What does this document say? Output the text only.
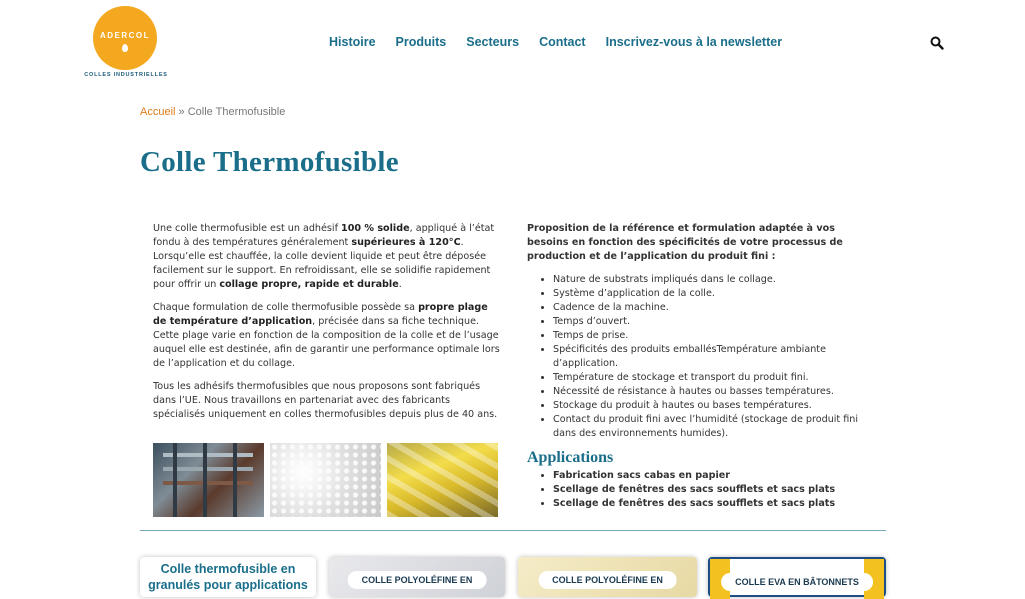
ADERCOL
COLLES INDUSTRIELLES
Histoire Produits Secteurs Contact Inscrivez-vous à la newsletter
Accueil » Colle Thermofusible
Colle Thermofusible

Une colle thermofusible est un adhésif 100 % solide, appliqué à l’état fondu à des températures généralement supérieures à 120°C. Lorsqu’elle est chauffée, la colle devient liquide et peut être déposée facilement sur le support. En refroidissant, elle se solidifie rapidement pour offrir un collage propre, rapide et durable.

Chaque formulation de colle thermofusible possède sa propre plage de température d’application, précisée dans sa fiche technique. Cette plage varie en fonction de la composition de la colle et de l’usage auquel elle est destinée, afin de garantir une performance optimale lors de l’application et du collage.

Tous les adhésifs thermofusibles que nous proposons sont fabriqués dans l’UE. Nous travaillons en partenariat avec des fabricants spécialisés uniquement en colles thermofusibles depuis plus de 40 ans.

Proposition de la référence et formulation adaptée à vos besoins en fonction des spécificités de votre processus de production et de l’application du produit fini :

• Nature de substrats impliqués dans le collage.
• Système d’application de la colle.
• Cadence de la machine.
• Temps d’ouvert.
• Temps de prise.
• Spécificités des produits emballésTempérature ambiante d’application.
• Température de stockage et transport du produit fini.
• Nécessité de résistance à hautes ou basses températures.
• Stockage du produit à hautes ou bases températures.
• Contact du produit fini avec l’humidité (stockage de produit fini dans des environnements humides).
Applications
• Fabrication sacs cabas en papier
• Scellage de fenêtres des sacs soufflets et sacs plats
• Scellage de fenêtres des sacs soufflets et sacs plats
Colle thermofusible en granulés pour applications	COLLE POLYOLÉFINE EN	COLLE POLYOLÉFINE EN	COLLE EVA EN BÂTONNETS
